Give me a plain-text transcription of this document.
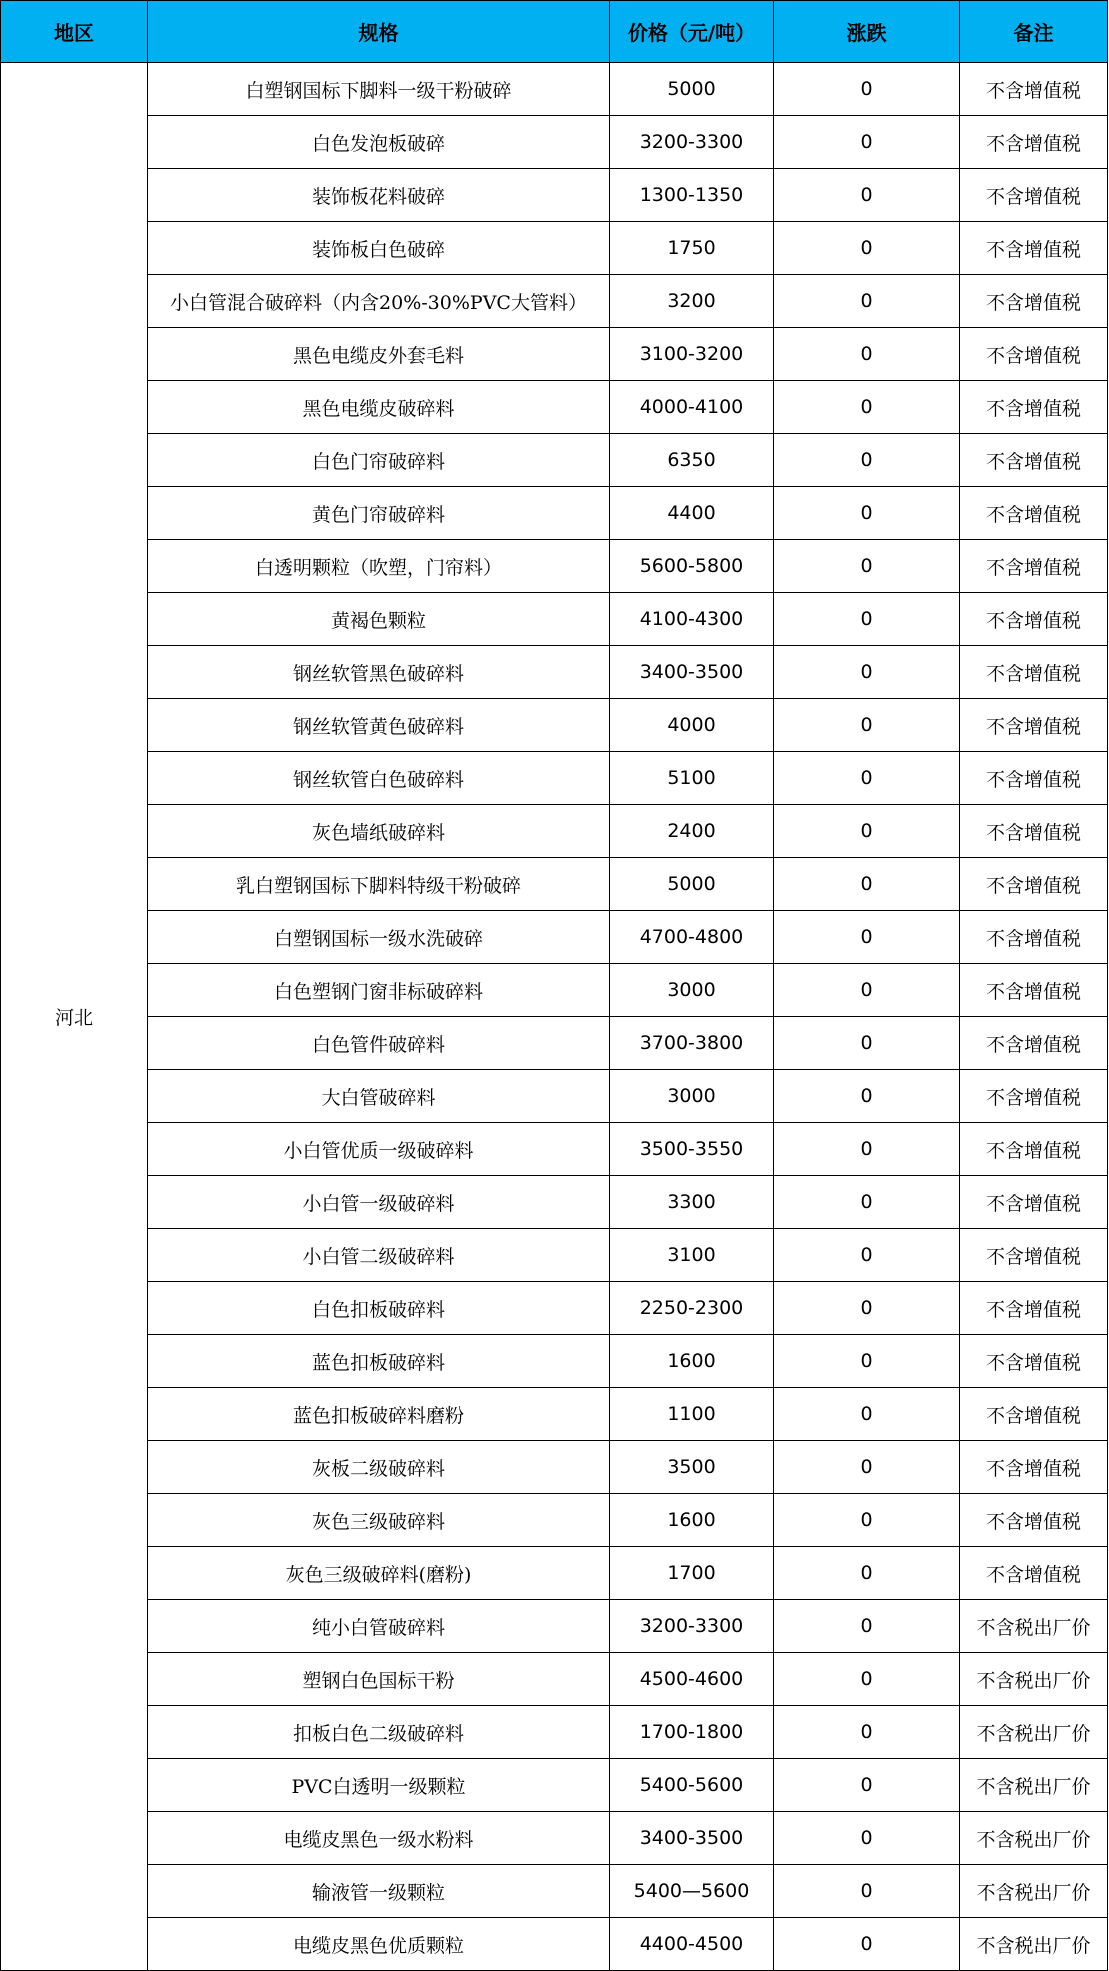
地区	规格	价格（元/吨）	涨跌	备注
河北	白塑钢国标下脚料一级干粉破碎	5000	0	不含增值税
	白色发泡板破碎	3200-3300	0	不含增值税
	装饰板花料破碎	1300-1350	0	不含增值税
	装饰板白色破碎	1750	0	不含增值税
	小白管混合破碎料（内含20%-30%PVC大管料）	3200	0	不含增值税
	黑色电缆皮外套毛料	3100-3200	0	不含增值税
	黑色电缆皮破碎料	4000-4100	0	不含增值税
	白色门帘破碎料	6350	0	不含增值税
	黄色门帘破碎料	4400	0	不含增值税
	白透明颗粒（吹塑，门帘料）	5600-5800	0	不含增值税
	黄褐色颗粒	4100-4300	0	不含增值税
	钢丝软管黑色破碎料	3400-3500	0	不含增值税
	钢丝软管黄色破碎料	4000	0	不含增值税
	钢丝软管白色破碎料	5100	0	不含增值税
	灰色墙纸破碎料	2400	0	不含增值税
	乳白塑钢国标下脚料特级干粉破碎	5000	0	不含增值税
	白塑钢国标一级水洗破碎	4700-4800	0	不含增值税
	白色塑钢门窗非标破碎料	3000	0	不含增值税
	白色管件破碎料	3700-3800	0	不含增值税
	大白管破碎料	3000	0	不含增值税
	小白管优质一级破碎料	3500-3550	0	不含增值税
	小白管一级破碎料	3300	0	不含增值税
	小白管二级破碎料	3100	0	不含增值税
	白色扣板破碎料	2250-2300	0	不含增值税
	蓝色扣板破碎料	1600	0	不含增值税
	蓝色扣板破碎料磨粉	1100	0	不含增值税
	灰板二级破碎料	3500	0	不含增值税
	灰色三级破碎料	1600	0	不含增值税
	灰色三级破碎料(磨粉)	1700	0	不含增值税
	纯小白管破碎料	3200-3300	0	不含税出厂价
	塑钢白色国标干粉	4500-4600	0	不含税出厂价
	扣板白色二级破碎料	1700-1800	0	不含税出厂价
	PVC白透明一级颗粒	5400-5600	0	不含税出厂价
	电缆皮黑色一级水粉料	3400-3500	0	不含税出厂价
	输液管一级颗粒	5400—5600	0	不含税出厂价
	电缆皮黑色优质颗粒	4400-4500	0	不含税出厂价
